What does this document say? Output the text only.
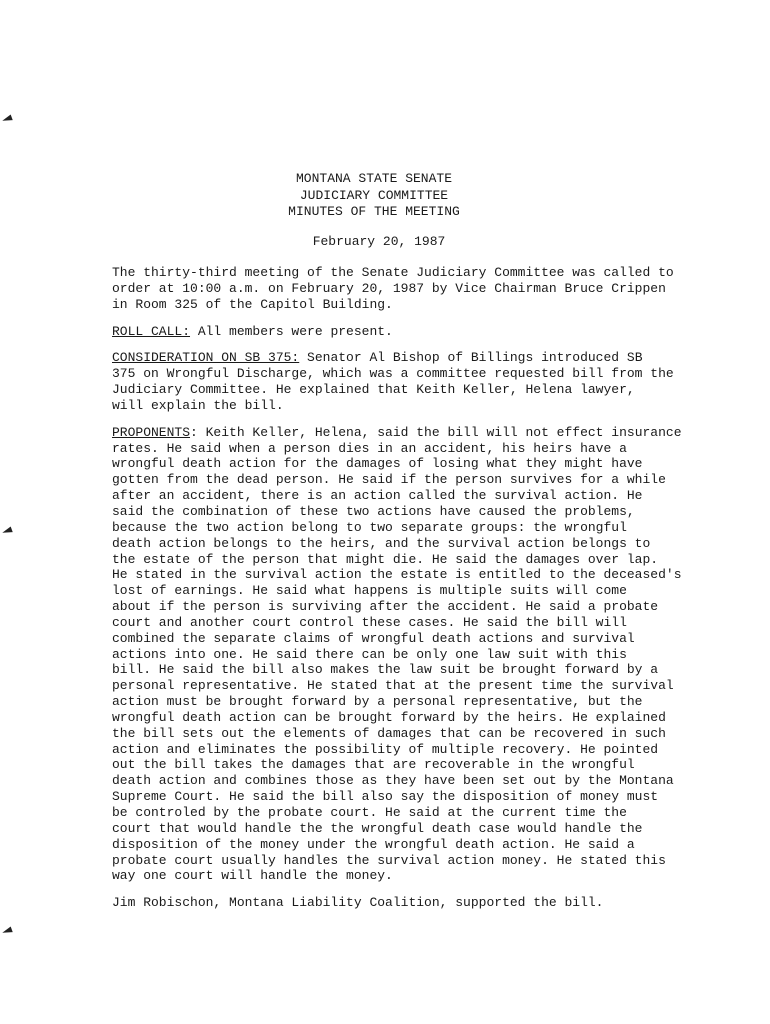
MONTANA STATE SENATE
JUDICIARY COMMITTEE
MINUTES OF THE MEETING
February 20, 1987

The thirty-third meeting of the Senate Judiciary Committee was called to
order at 10:00 a.m. on February 20, 1987 by Vice Chairman Bruce Crippen
in Room 325 of the Capitol Building.

ROLL CALL: All members were present.

CONSIDERATION ON SB 375: Senator Al Bishop of Billings introduced SB
375 on Wrongful Discharge, which was a committee requested bill from the
Judiciary Committee. He explained that Keith Keller, Helena lawyer,
will explain the bill.

PROPONENTS: Keith Keller, Helena, said the bill will not effect insurance
rates. He said when a person dies in an accident, his heirs have a
wrongful death action for the damages of losing what they might have
gotten from the dead person. He said if the person survives for a while
after an accident, there is an action called the survival action. He
said the combination of these two actions have caused the problems,
because the two action belong to two separate groups: the wrongful
death action belongs to the heirs, and the survival action belongs to
the estate of the person that might die. He said the damages over lap.
He stated in the survival action the estate is entitled to the deceased's
lost of earnings. He said what happens is multiple suits will come
about if the person is surviving after the accident. He said a probate
court and another court control these cases. He said the bill will
combined the separate claims of wrongful death actions and survival
actions into one. He said there can be only one law suit with this
bill. He said the bill also makes the law suit be brought forward by a
personal representative. He stated that at the present time the survival
action must be brought forward by a personal representative, but the
wrongful death action can be brought forward by the heirs. He explained
the bill sets out the elements of damages that can be recovered in such
action and eliminates the possibility of multiple recovery. He pointed
out the bill takes the damages that are recoverable in the wrongful
death action and combines those as they have been set out by the Montana
Supreme Court. He said the bill also say the disposition of money must
be controled by the probate court. He said at the current time the
court that would handle the the wrongful death case would handle the
disposition of the money under the wrongful death action. He said a
probate court usually handles the survival action money. He stated this
way one court will handle the money.

Jim Robischon, Montana Liability Coalition, supported the bill.
